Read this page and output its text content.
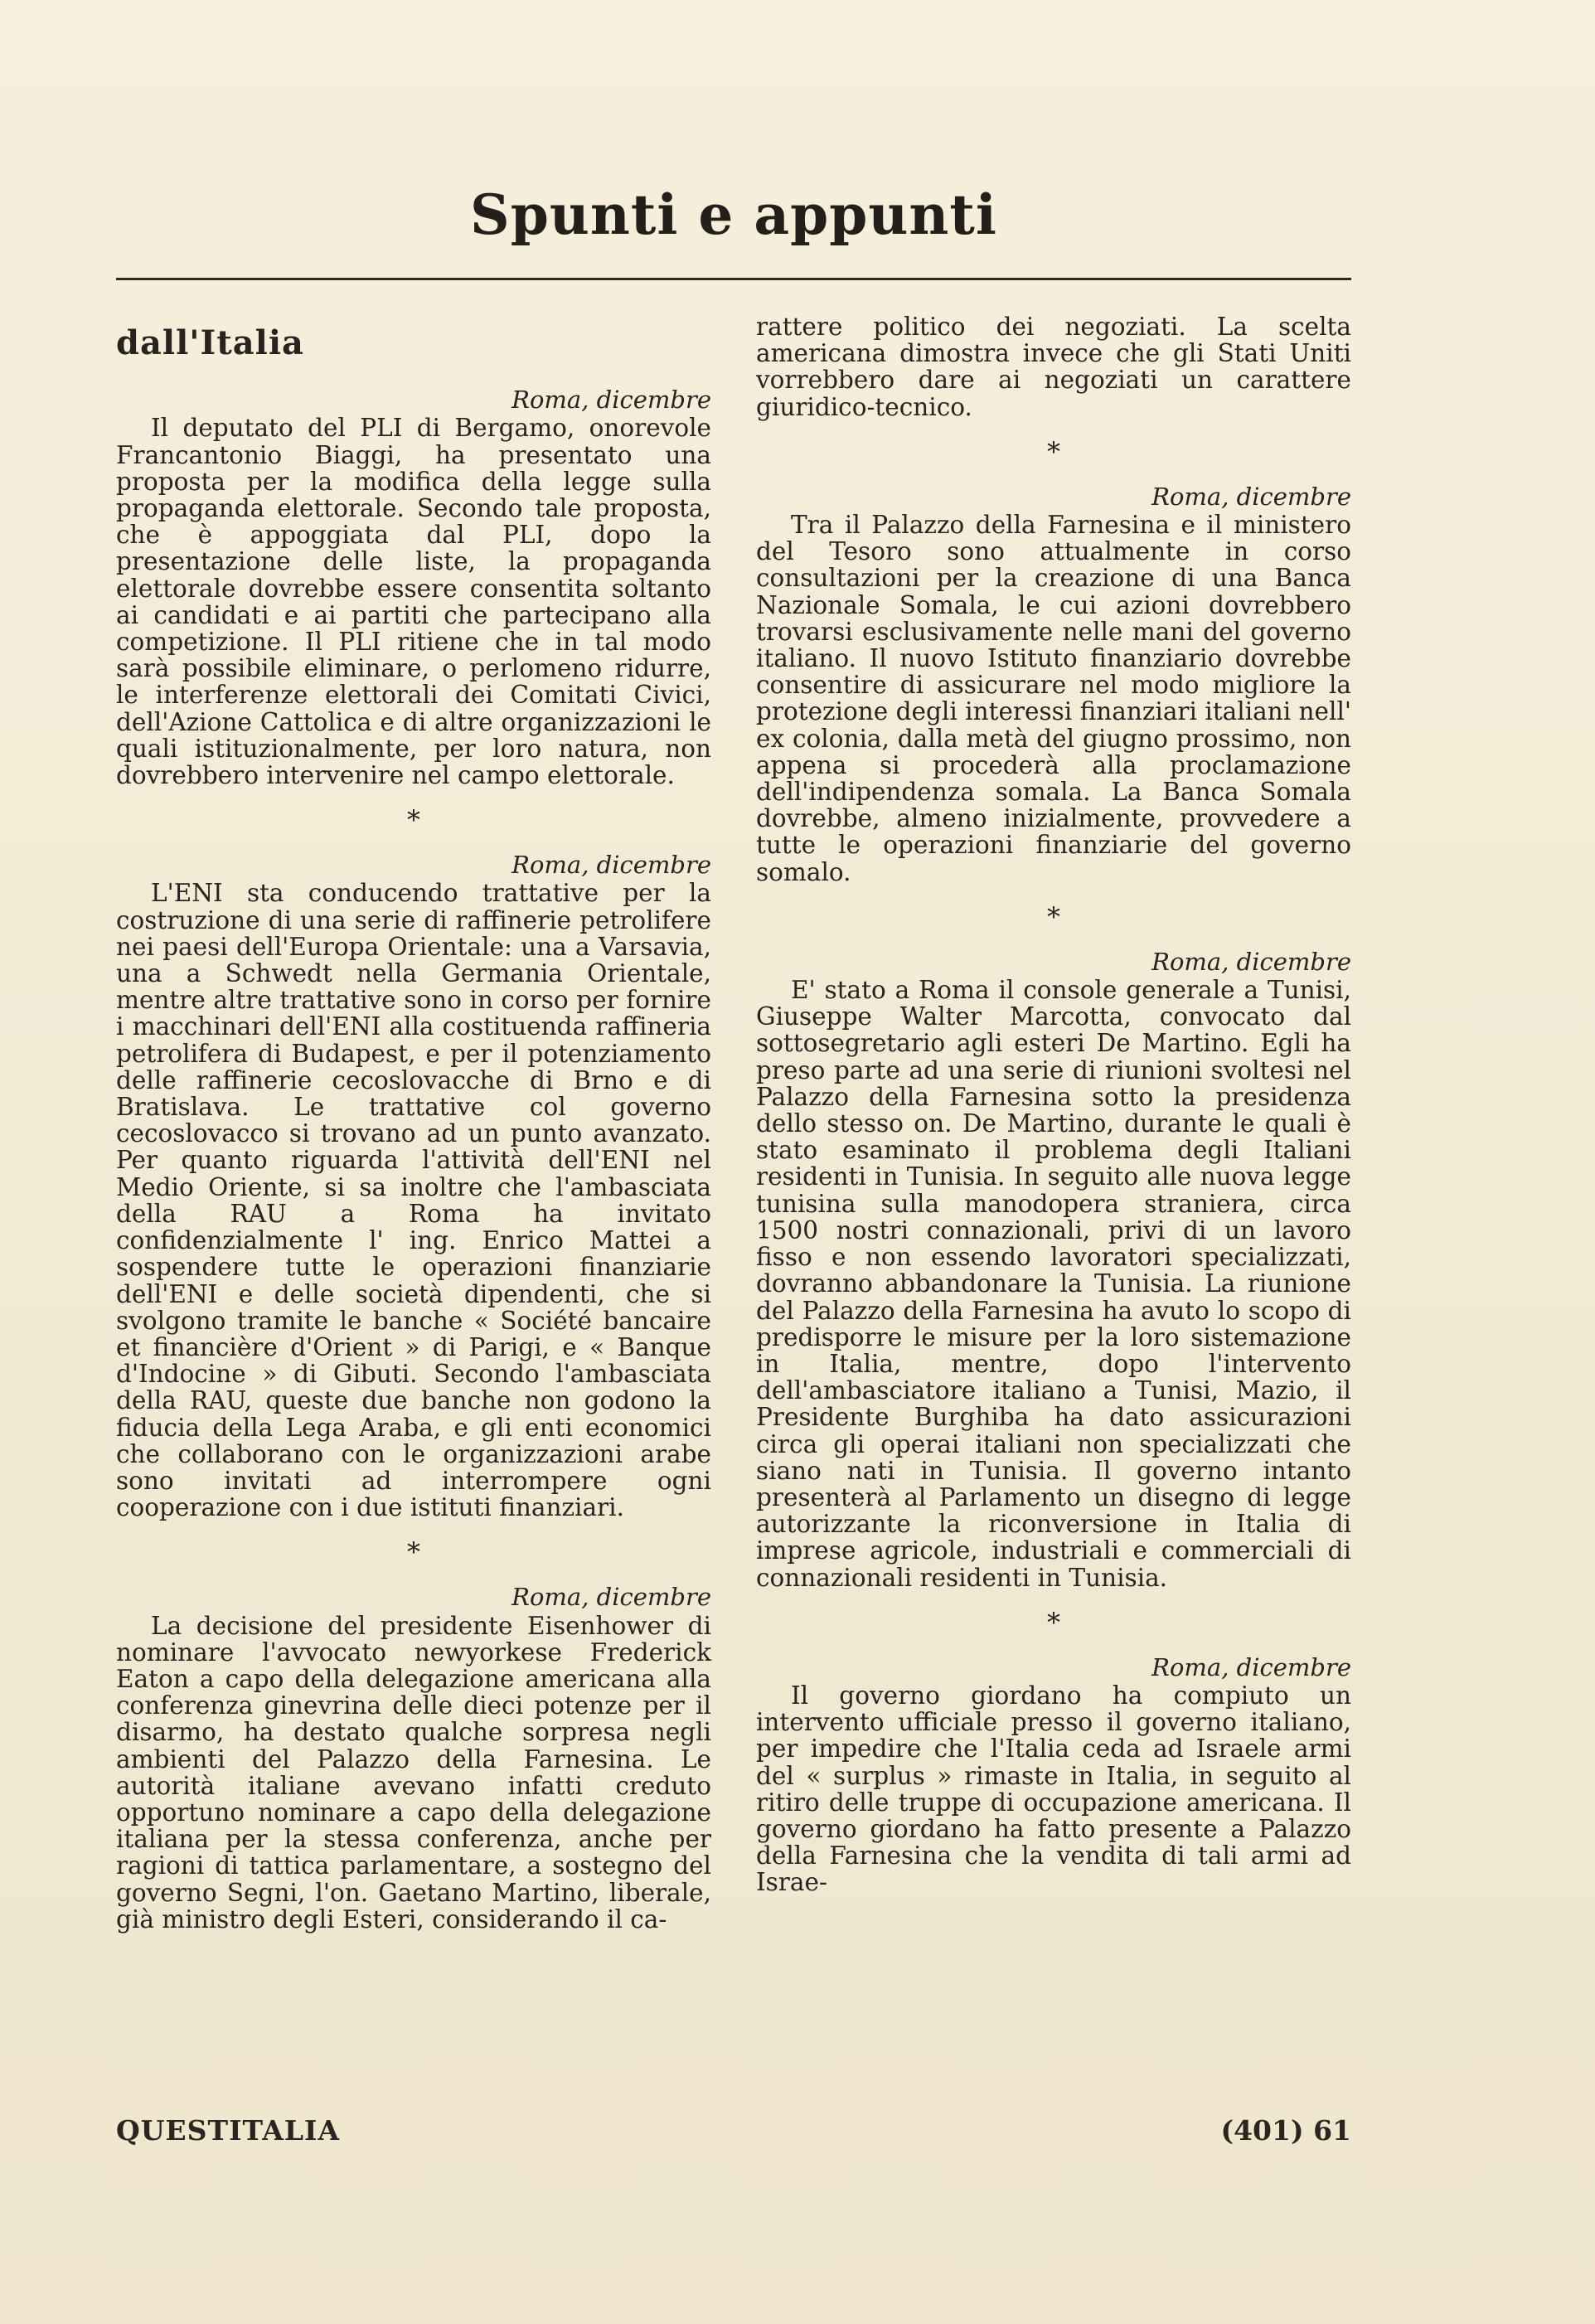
Spunti e appunti
dall'Italia
Roma, dicembre

Il deputato del PLI di Bergamo, onorevole Francantonio Biaggi, ha presentato una proposta per la modifica della legge sulla propaganda elettorale. Secondo tale proposta, che è appoggiata dal PLI, dopo la presentazione delle liste, la propaganda elettorale dovrebbe essere consentita soltanto ai candidati e ai partiti che partecipano alla competizione. Il PLI ritiene che in tal modo sarà possibile eliminare, o perlomeno ridurre, le interferenze elettorali dei Comitati Civici, dell'Azione Cattolica e di altre organizzazioni le quali istituzionalmente, per loro natura, non dovrebbero intervenire nel campo elettorale.

*
Roma, dicembre

L'ENI sta conducendo trattative per la costruzione di una serie di raffinerie petrolifere nei paesi dell'Europa Orientale: una a Varsavia, una a Schwedt nella Germania Orientale, mentre altre trattative sono in corso per fornire i macchinari dell'ENI alla costituenda raffineria petrolifera di Budapest, e per il potenziamento delle raffinerie cecoslovacche di Brno e di Bratislava. Le trattative col governo cecoslovacco si trovano ad un punto avanzato. Per quanto riguarda l'attività dell'ENI nel Medio Oriente, si sa inoltre che l'ambasciata della RAU a Roma ha invitato confidenzialmente l' ing. Enrico Mattei a sospendere tutte le operazioni finanziarie dell'ENI e delle società dipendenti, che si svolgono tramite le banche « Société bancaire et financière d'Orient » di Parigi, e « Banque d'Indocine » di Gibuti. Secondo l'ambasciata della RAU, queste due banche non godono la fiducia della Lega Araba, e gli enti economici che collaborano con le organizzazioni arabe sono invitati ad interrompere ogni cooperazione con i due istituti finanziari.

*
Roma, dicembre

La decisione del presidente Eisenhower di nominare l'avvocato newyorkese Frederick Eaton a capo della delegazione americana alla conferenza ginevrina delle dieci potenze per il disarmo, ha destato qualche sorpresa negli ambienti del Palazzo della Farnesina. Le autorità italiane avevano infatti creduto opportuno nominare a capo della delegazione italiana per la stessa conferenza, anche per ragioni di tattica parlamentare, a sostegno del governo Segni, l'on. Gaetano Martino, liberale, già ministro degli Esteri, considerando il ca-

rattere politico dei negoziati. La scelta americana dimostra invece che gli Stati Uniti vorrebbero dare ai negoziati un carattere giuridico-tecnico.

*
Roma, dicembre

Tra il Palazzo della Farnesina e il ministero del Tesoro sono attualmente in corso consultazioni per la creazione di una Banca Nazionale Somala, le cui azioni dovrebbero trovarsi esclusivamente nelle mani del governo italiano. Il nuovo Istituto finanziario dovrebbe consentire di assicurare nel modo migliore la protezione degli interessi finanziari italiani nell' ex colonia, dalla metà del giugno prossimo, non appena si procederà alla proclamazione dell'indipendenza somala. La Banca Somala dovrebbe, almeno inizialmente, provvedere a tutte le operazioni finanziarie del governo somalo.

*
Roma, dicembre

E' stato a Roma il console generale a Tunisi, Giuseppe Walter Marcotta, convocato dal sottosegretario agli esteri De Martino. Egli ha preso parte ad una serie di riunioni svoltesi nel Palazzo della Farnesina sotto la presidenza dello stesso on. De Martino, durante le quali è stato esaminato il problema degli Italiani residenti in Tunisia. In seguito alle nuova legge tunisina sulla manodopera straniera, circa 1500 nostri connazionali, privi di un lavoro fisso e non essendo lavoratori specializzati, dovranno abbandonare la Tunisia. La riunione del Palazzo della Farnesina ha avuto lo scopo di predisporre le misure per la loro sistemazione in Italia, mentre, dopo l'intervento dell'ambasciatore italiano a Tunisi, Mazio, il Presidente Burghiba ha dato assicurazioni circa gli operai italiani non specializzati che siano nati in Tunisia. Il governo intanto presenterà al Parlamento un disegno di legge autorizzante la riconversione in Italia di imprese agricole, industriali e commerciali di connazionali residenti in Tunisia.

*
Roma, dicembre

Il governo giordano ha compiuto un intervento ufficiale presso il governo italiano, per impedire che l'Italia ceda ad Israele armi del « surplus » rimaste in Italia, in seguito al ritiro delle truppe di occupazione americana. Il governo giordano ha fatto presente a Palazzo della Farnesina che la vendita di tali armi ad Israe-

QUESTITALIA	(401) 61
